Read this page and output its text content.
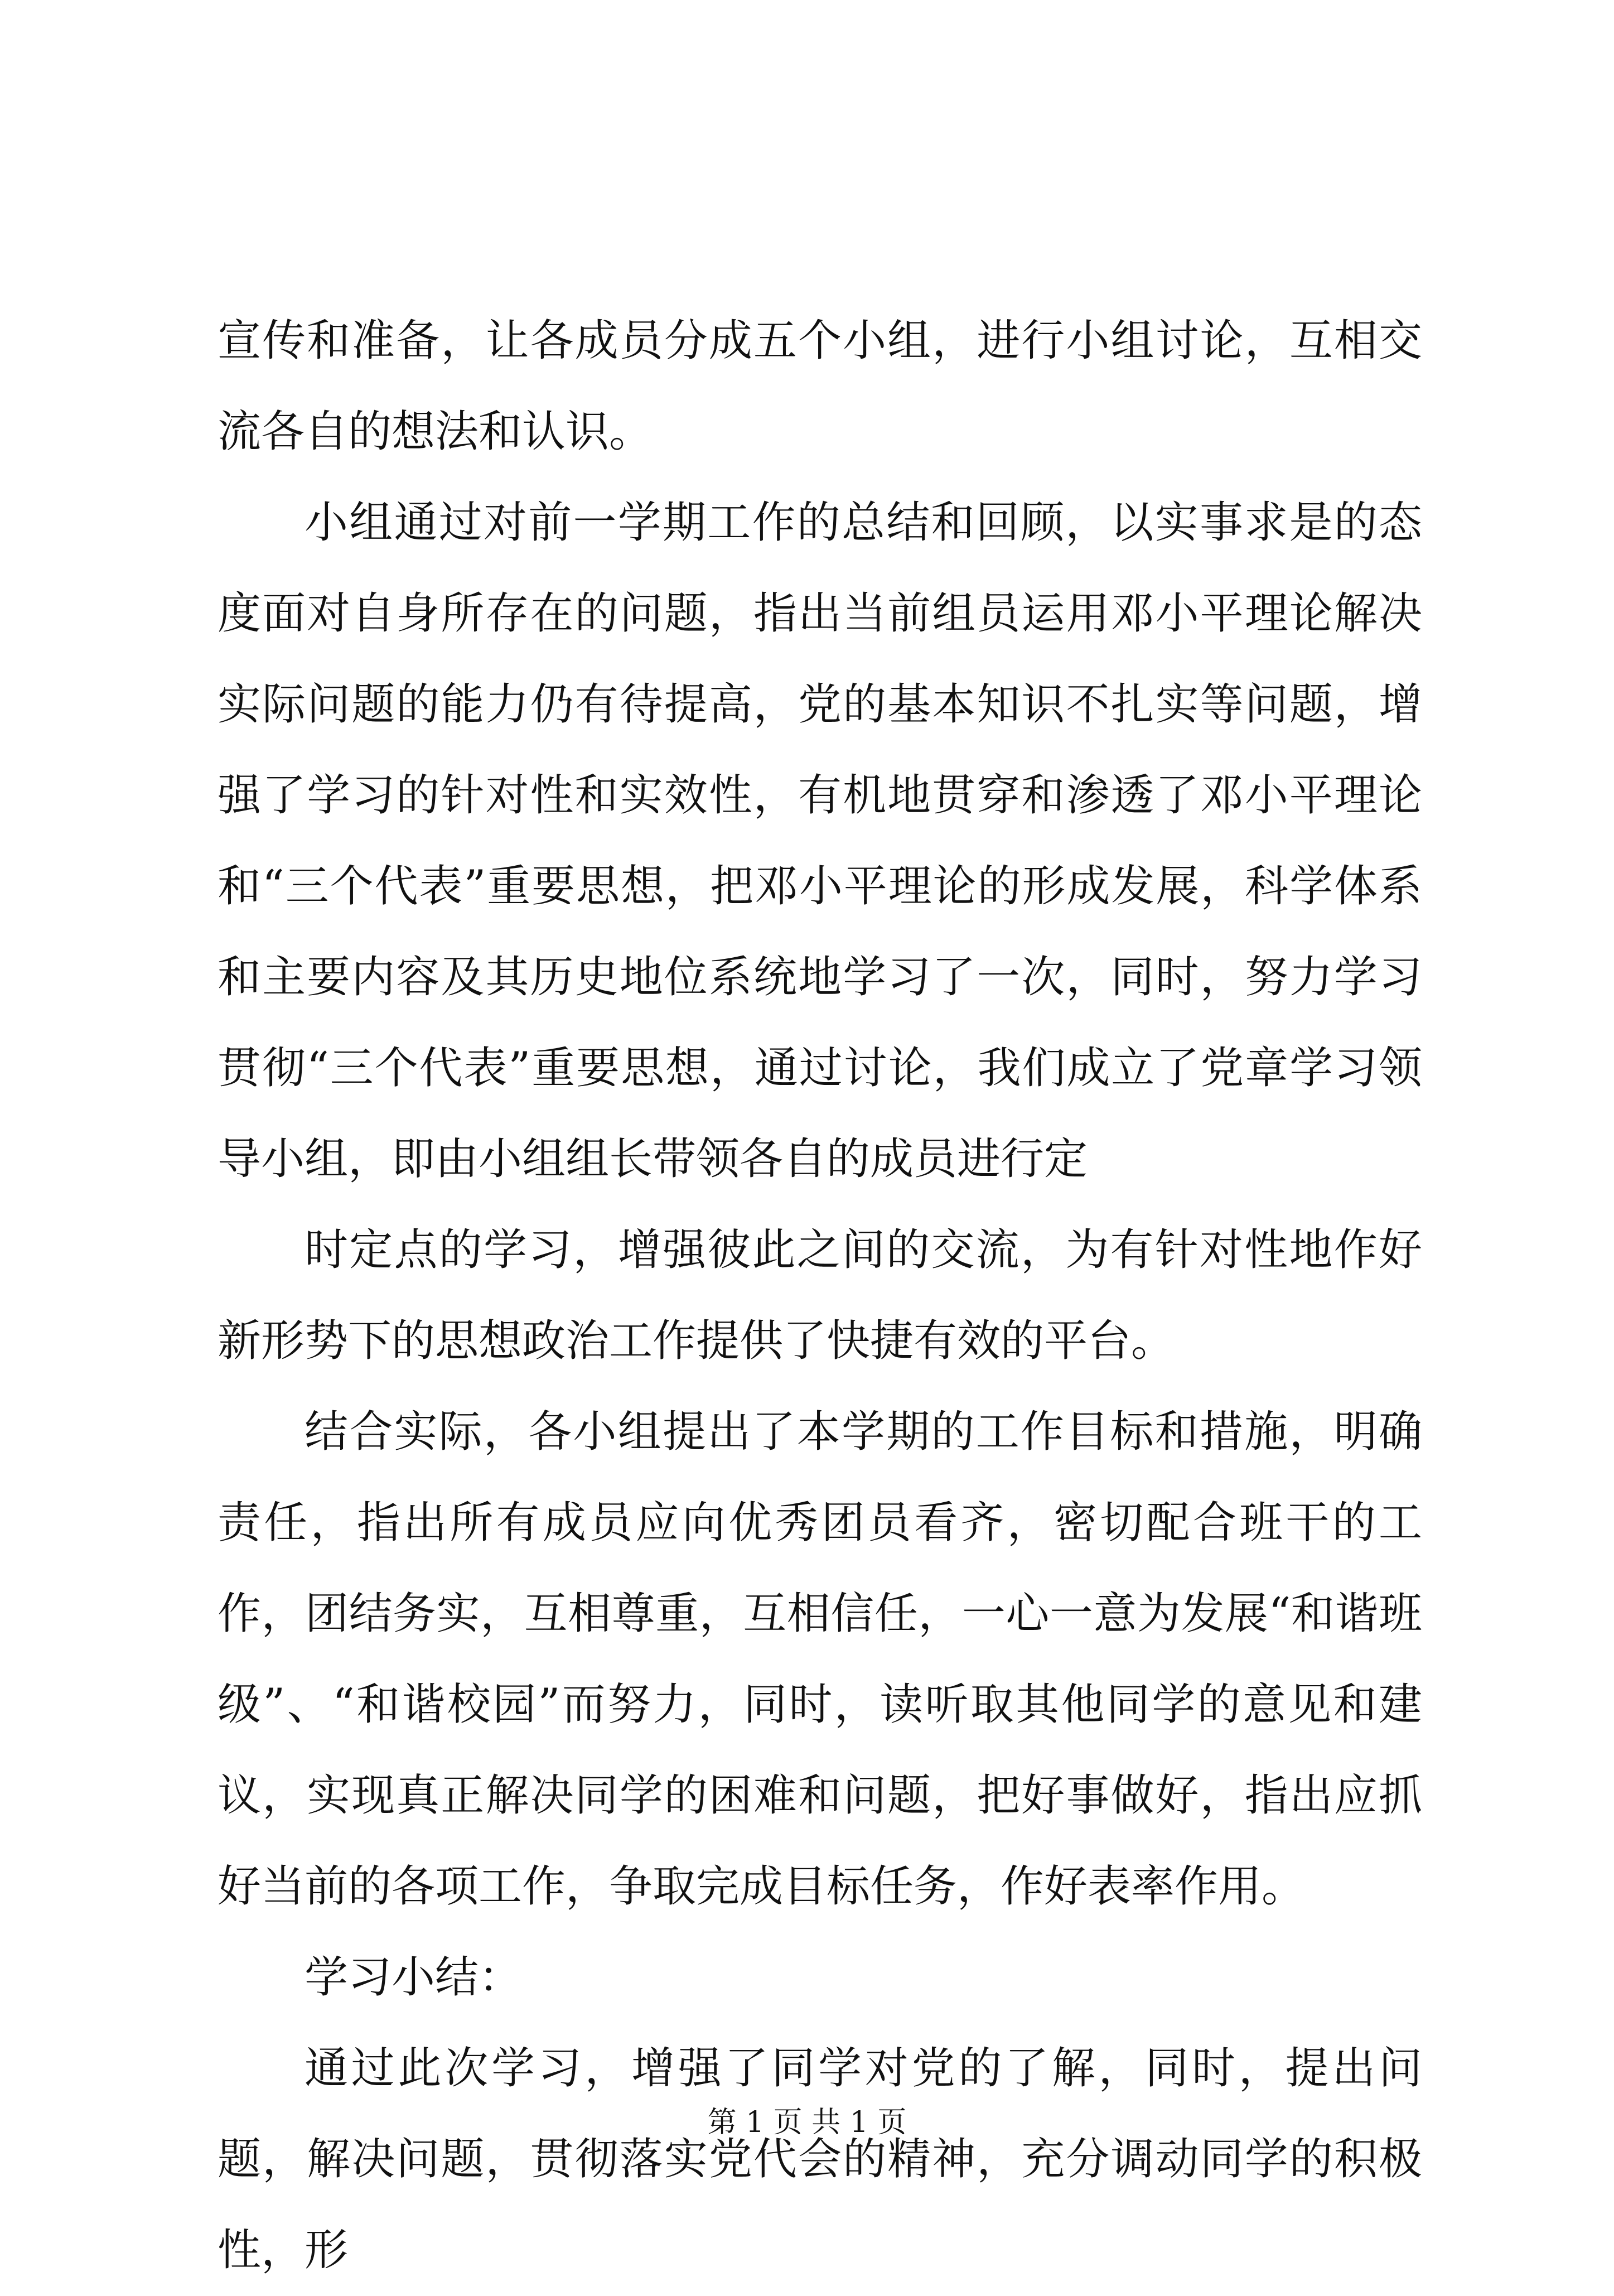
宣传和准备，让各成员分成五个小组，进行小组讨论，互相交流各自的想法和认识。

小组通过对前一学期工作的总结和回顾，以实事求是的态度面对自身所存在的问题，指出当前组员运用邓小平理论解决实际问题的能力仍有待提高，党的基本知识不扎实等问题，增强了学习的针对性和实效性，有机地贯穿和渗透了邓小平理论和“三个代表”重要思想，把邓小平理论的形成发展，科学体系和主要内容及其历史地位系统地学习了一次，同时，努力学习贯彻“三个代表”重要思想，通过讨论，我们成立了党章学习领导小组，即由小组组长带领各自的成员进行定

时定点的学习，增强彼此之间的交流，为有针对性地作好新形势下的思想政治工作提供了快捷有效的平台。

结合实际，各小组提出了本学期的工作目标和措施，明确责任，指出所有成员应向优秀团员看齐，密切配合班干的工作，团结务实，互相尊重，互相信任，一心一意为发展“和谐班级”、“和谐校园”而努力，同时，读听取其他同学的意见和建议，实现真正解决同学的困难和问题，把好事做好，指出应抓好当前的各项工作，争取完成目标任务，作好表率作用。

学习小结：

通过此次学习，增强了同学对党的了解，同时，提出问题，解决问题，贯彻落实党代会的精神，充分调动同学的积极性，形

第 1 页 共 1 页
